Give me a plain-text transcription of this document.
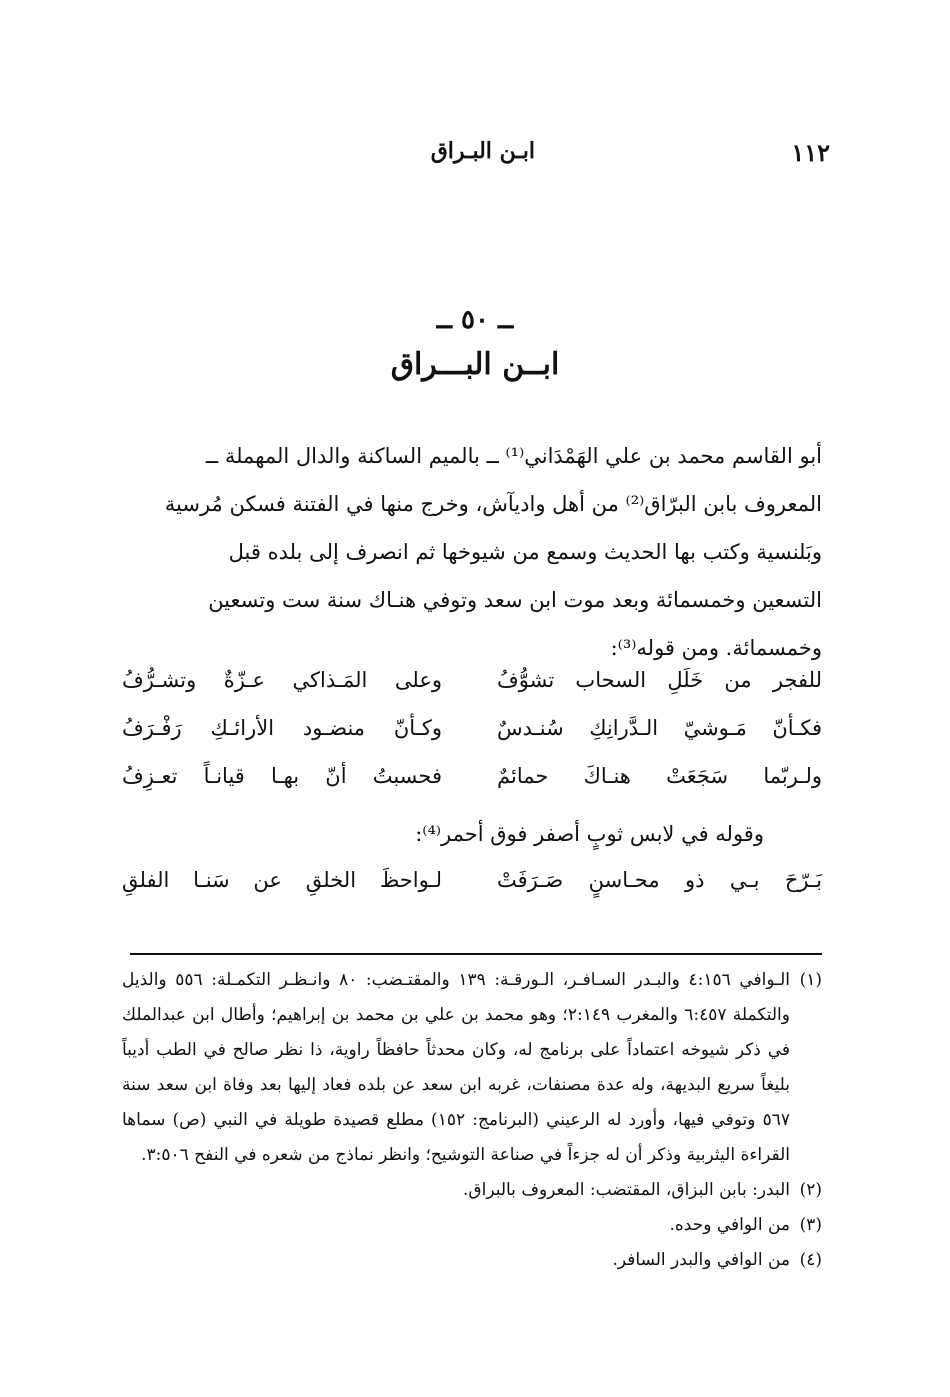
١١٢
ابـن البـراق
ــ ٥٠ ــ
ابــن البـــراق

أبو القاسم محمد بن علي الهَمْدَاني⁽¹⁾ ــ بالميم الساكنة والدال المهملة ــ

المعروف بابن البرّاق⁽²⁾ من أهل واديآش، وخرج منها في الفتنة فسكن مُرسية

وبَلنسية وكتب بها الحديث وسمع من شيوخها ثم انصرف إلى بلده قبل

التسعين وخمسمائة وبعد موت ابن سعد وتوفي هنـاك سنة ست وتسعين

وخمسمائة. ومن قوله⁽³⁾:

للفجر من خَلَلِ السحاب تشوُّفُ
وعلى المَـذاكي عـزّةٌ وتشـرُّفُ
فكـأنّ مَـوشيّ الـدَّرانِكِ سُنـدسٌ
وكـأنّ منضـود الأرائـكِ رَفْـرَفُ
ولـربّما سَجَعَتْ هنـاكَ حمائمٌ
فحسبتُ أنّ بهـا قيانـاً تعـزِفُ
وقوله في لابس ثوبٍ أصفر فوق أحمر⁽⁴⁾:
بَـرّحَ بـي ذو محـاسنٍ صَـرَفَتْ
لـواحظَ الخلقِ عن سَنـا الفلقِ
(١)
الـوافي ٤:١٥٦ والبـدر السـافـر، الـورقـة: ١٣٩ والمقتـضب: ٨٠ وانـظـر التكمـلة: ٥٥٦ والذيل والتكملة ٦:٤٥٧ والمغرب ٢:١٤٩؛ وهو محمد بن علي بن محمد بن إبراهيم؛ وأطال ابن عبدالملك في ذكر شيوخه اعتماداً على برنامج له، وكان محدثاً حافظاً راوية، ذا نظر صالح في الطب أديباً بليغاً سريع البديهة، وله عدة مصنفات، غربه ابن سعد عن بلده فعاد إليها بعد وفاة ابن سعد سنة ٥٦٧ وتوفي فيها، وأورد له الرعيني (البرنامج: ١٥٢) مطلع قصيدة طويلة في النبي (ص) سماها القراءة اليثربية وذكر أن له جزءاً في صناعة التوشيح؛ وانظر نماذج من شعره في النفح ٣:٥٠٦.
(٢)
البدر: بابن البزاق، المقتضب: المعروف بالبراق.
(٣)
من الوافي وحده.
(٤)
من الوافي والبدر السافر.
